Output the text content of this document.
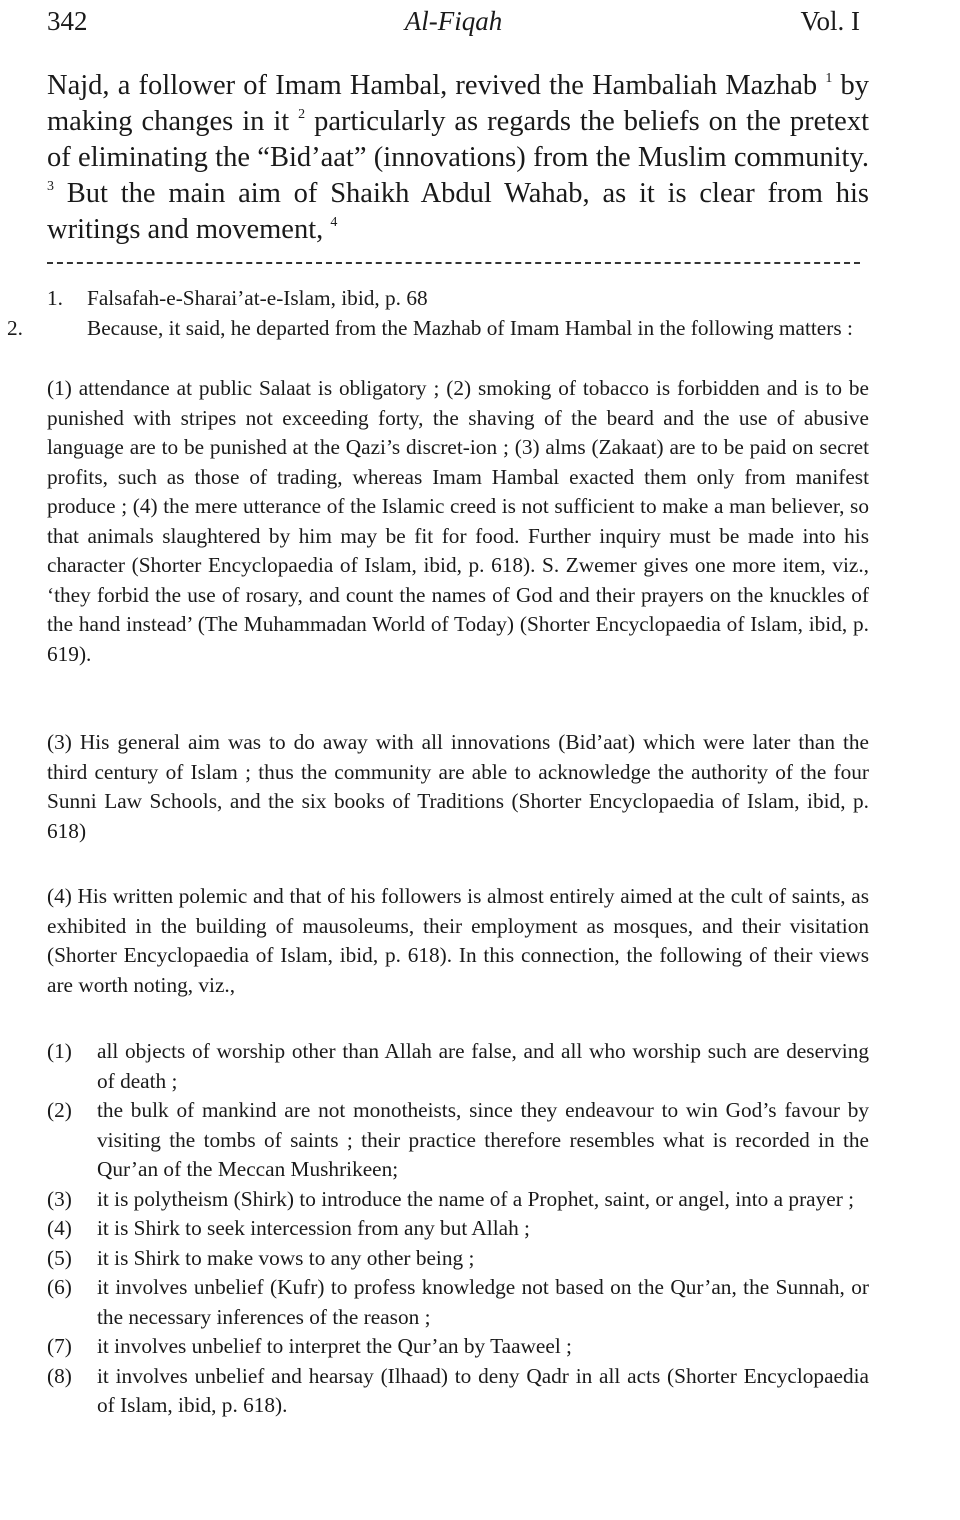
342	Al-Fiqah	Vol. I
Najd, a follower of Imam Hambal, revived the Hambaliah Mazhab $^1$ by making changes in it $^2$ particularly as regards the beliefs on the pretext of eliminating the “Bid’aat” (innovations) from the Muslim community. $^3$ But the main aim of Shaikh Abdul Wahab, as it is clear from his writings and movement, $^4$
1. Falsafah-e-Sharai’at-e-Islam, ibid, p. 68
2.	Because, it said, he departed from the Mazhab of Imam Hambal in the following matters :
(1) attendance at public Salaat is obligatory ; (2) smoking of tobacco is forbidden and is to be punished with stripes not exceeding forty, the shaving of the beard and the use of abusive language are to be punished at the Qazi’s discret-ion ; (3) alms (Zakaat) are to be paid on secret profits, such as those of trading, whereas Imam Hambal exacted them only from manifest produce ; (4) the mere utterance of the Islamic creed is not sufficient to make a man believer, so that animals slaughtered by him may be fit for food. Further inquiry must be made into his character (Shorter Encyclopaedia of Islam, ibid, p. 618). S. Zwemer gives one more item, viz., ‘they forbid the use of rosary, and count the names of God and their prayers on the knuckles of the hand instead’ (The Muhammadan World of Today) (Shorter Encyclopaedia of Islam, ibid, p. 619).
(3) His general aim was to do away with all innovations (Bid’aat) which were later than the third century of Islam ; thus the community are able to acknowledge the authority of the four Sunni Law Schools, and the six books of Traditions (Shorter Encyclopaedia of Islam, ibid, p. 618)
(4) His written polemic and that of his followers is almost entirely aimed at the cult of saints, as exhibited in the building of mausoleums, their employment as mosques, and their visitation (Shorter Encyclopaedia of Islam, ibid, p. 618). In this connection, the following of their views are worth noting, viz.,
(1) all objects of worship other than Allah are false, and all who worship such are deserving of death ;
(2) the bulk of mankind are not monotheists, since they endeavour to win God’s favour by visiting the tombs of saints ; their practice therefore resembles what is recorded in the Qur’an of the Meccan Mushrikeen;
(3) it is polytheism (Shirk) to introduce the name of a Prophet, saint, or angel, into a prayer ;
(4) it is Shirk to seek intercession from any but Allah ;
(5) it is Shirk to make vows to any other being ;
(6) it involves unbelief (Kufr) to profess knowledge not based on the Qur’an, the Sunnah, or the necessary inferences of the reason ;
(7) it involves unbelief to interpret the Qur’an by Taaweel ;
(8) it involves unbelief and hearsay (Ilhaad) to deny Qadr in all acts (Shorter Encyclopaedia of Islam, ibid, p. 618).
